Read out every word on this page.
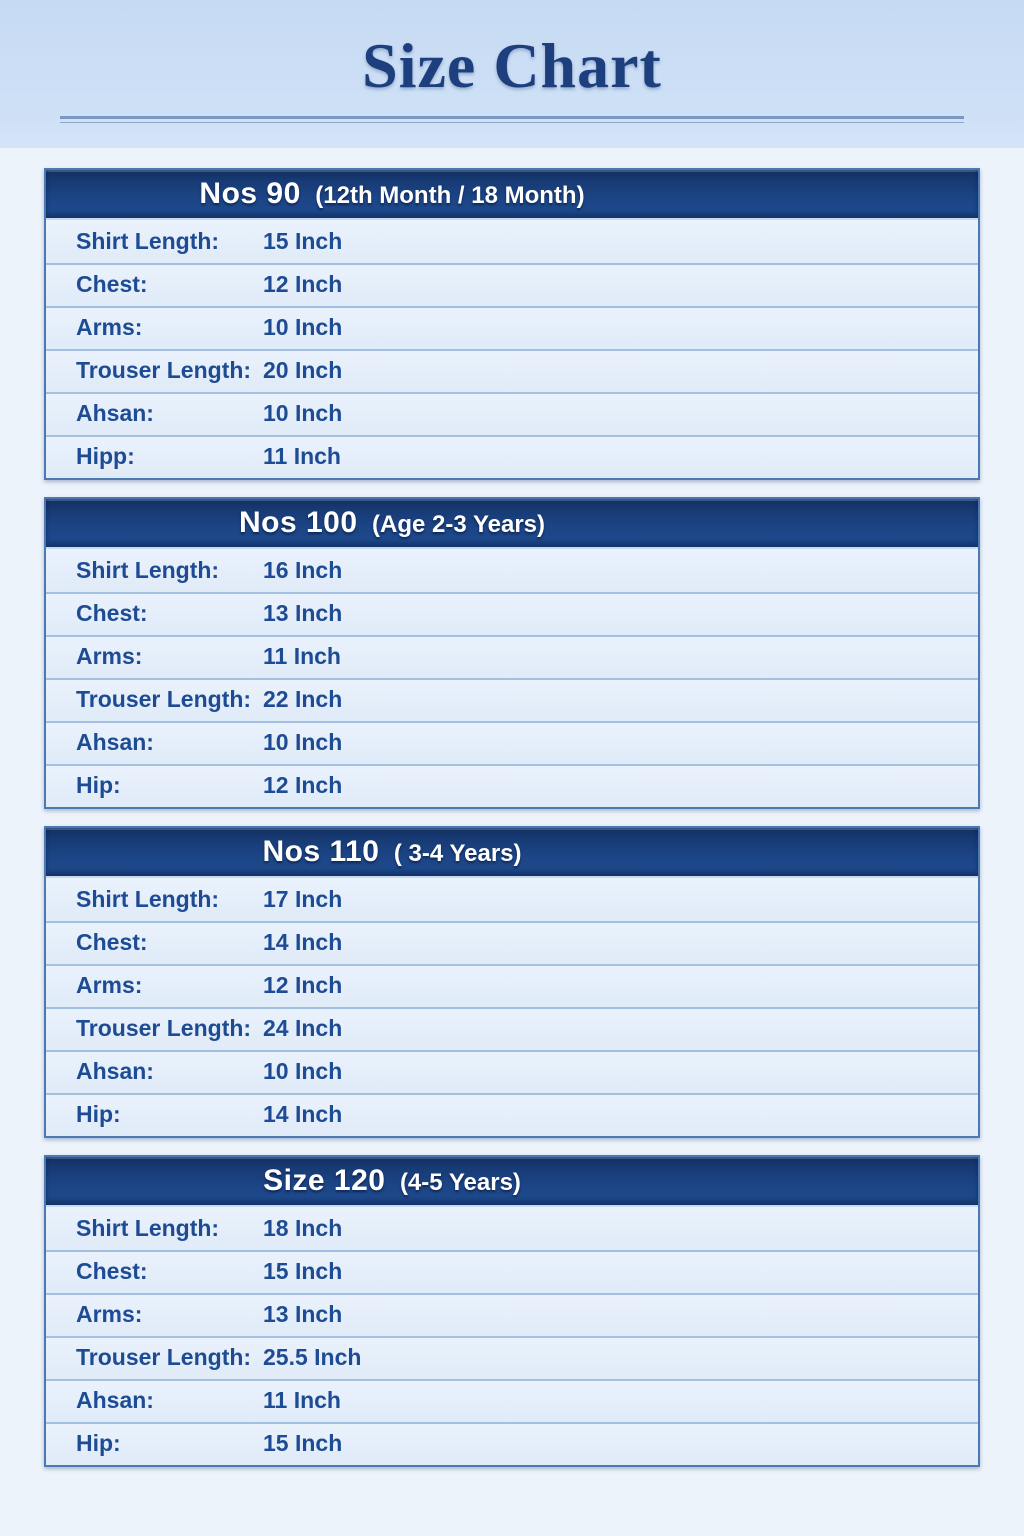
Size Chart
Nos 90 (12th Month / 18 Month)
Shirt Length:	15 Inch
Chest:	12 Inch
Arms:	10 Inch
Trouser Length: 20 Inch
Ahsan:	10 Inch
Hipp:	11 Inch
Nos 100 (Age 2-3 Years)
Shirt Length:	16 Inch
Chest:	13 Inch
Arms:	11 Inch
Trouser Length: 22 Inch
Ahsan:	10 Inch
Hip:	12 Inch
Nos 110 ( 3-4 Years)
Shirt Length:	17 Inch
Chest:	14 Inch
Arms:	12 Inch
Trouser Length: 24 Inch
Ahsan:	10 Inch
Hip:	14 Inch
Size 120 (4-5 Years)
Shirt Length:	18 Inch
Chest:	15 Inch
Arms:	13 Inch
Trouser Length: 25.5 Inch
Ahsan:	11 Inch
Hip:	15 Inch
